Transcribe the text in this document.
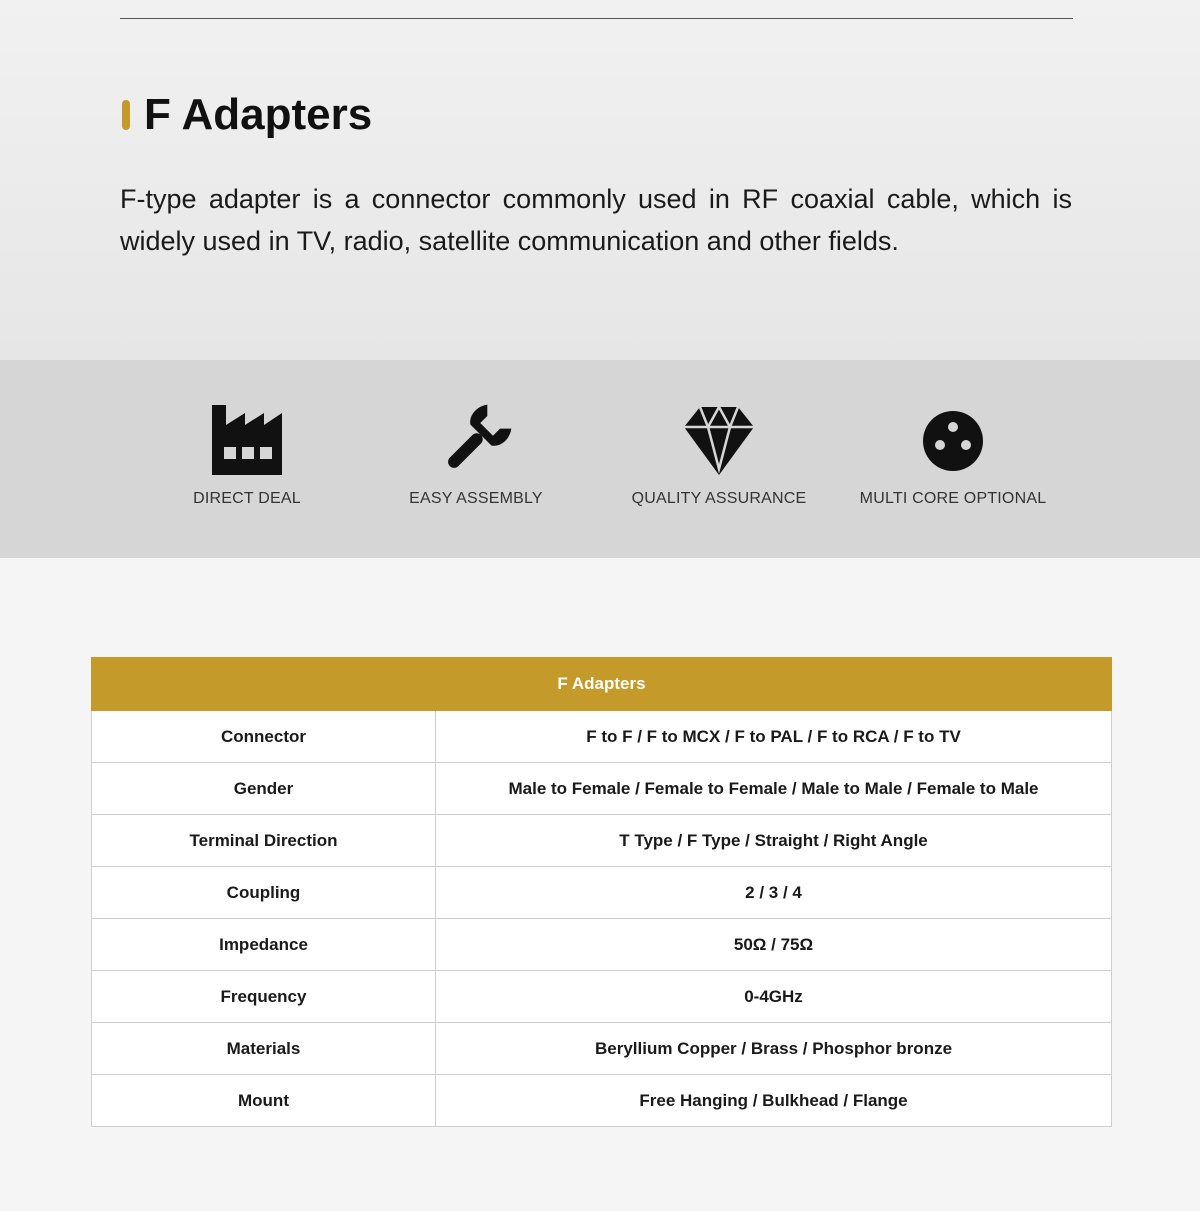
F Adapters

F-type adapter is a connector commonly used in RF coaxial cable, which is widely used in TV, radio, satellite communication and other fields.

DIRECT DEAL	EASY ASSEMBLY	QUALITY ASSURANCE	MULTI CORE OPTIONAL
F Adapters	
Connector	F to F / F to MCX / F to PAL / F to RCA / F to TV
Gender	Male to Female / Female to Female / Male to Male / Female to Male
Terminal Direction	T Type / F Type / Straight / Right Angle
Coupling	2 / 3 / 4
Impedance	50Ω / 75Ω
Frequency	0-4GHz
Materials	Beryllium Copper / Brass / Phosphor bronze
Mount	Free Hanging / Bulkhead / Flange
